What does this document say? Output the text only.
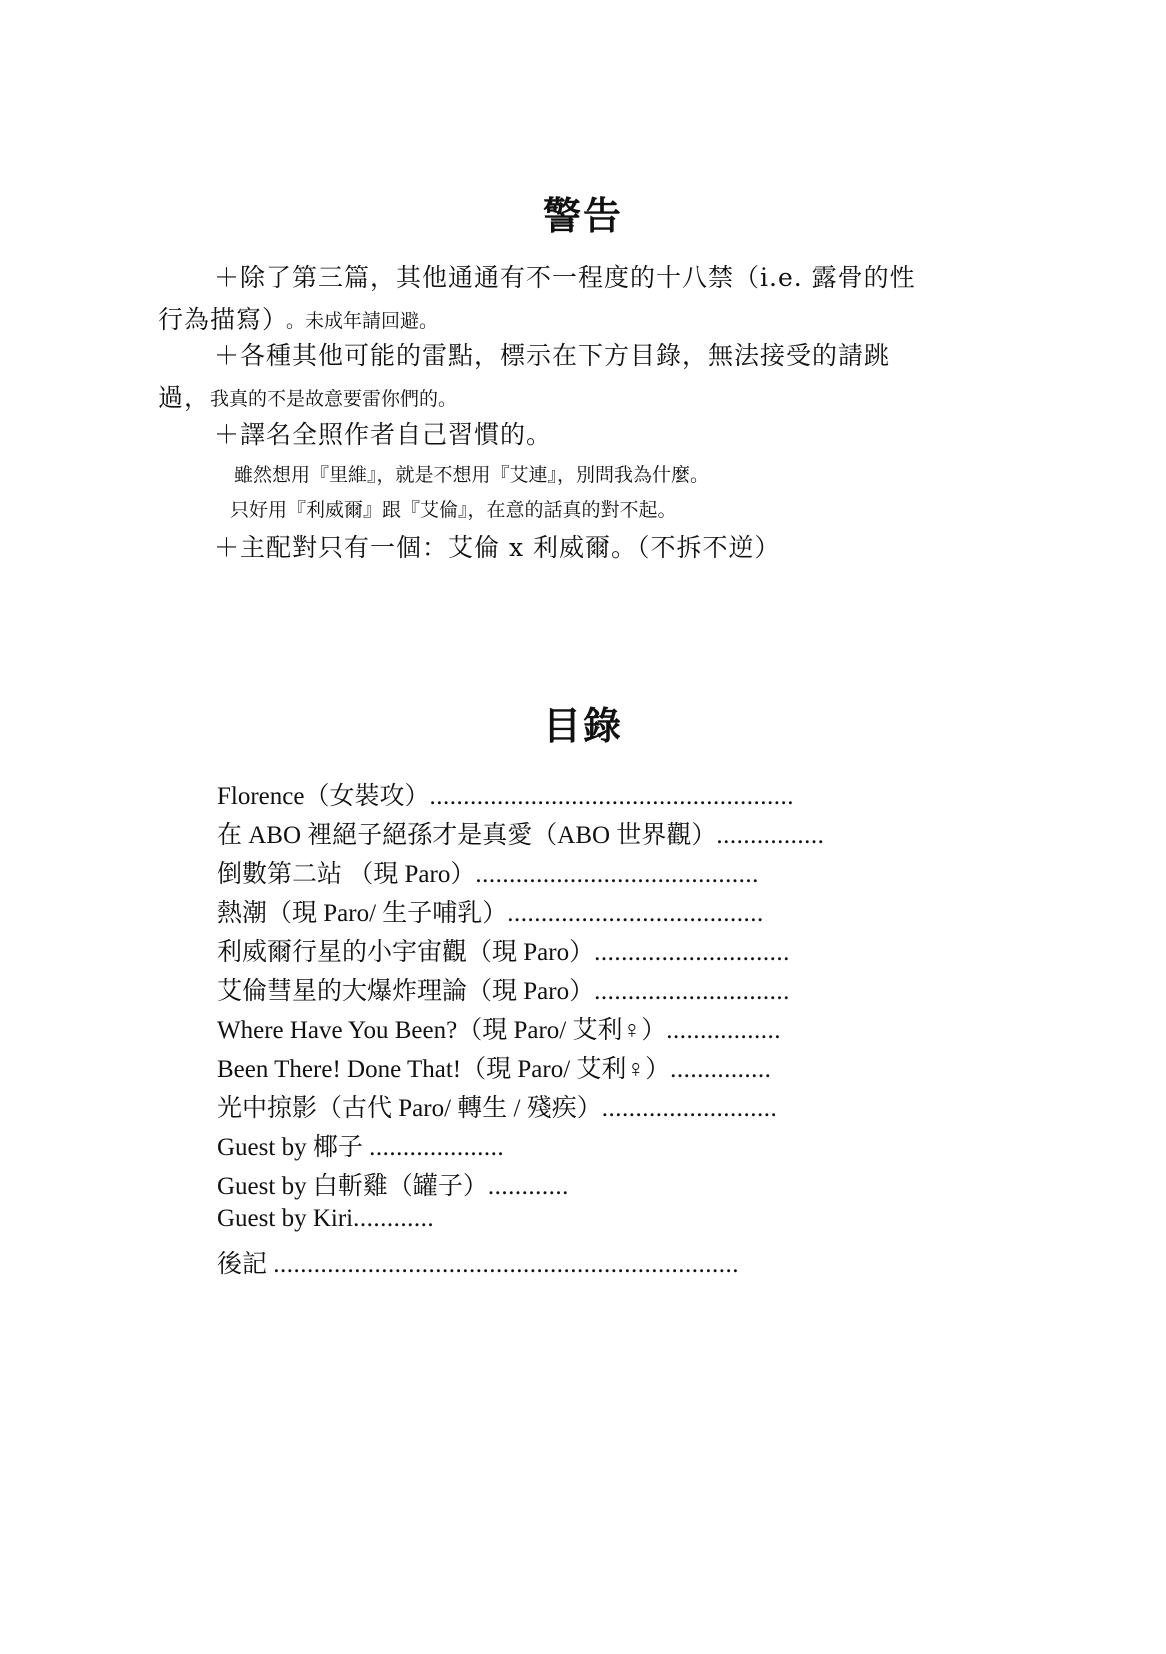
警告
＋除了第三篇，其他通通有不一程度的十八禁（i.e. 露骨的性
行為描寫）
。未成年請回避。
＋各種其他可能的雷點，標示在下方目錄，無法接受的請跳
過， 我真的不是故意要雷你們的。
＋譯名全照作者自己習慣的。
雖然想用『里維』，就是不想用『艾連』，別問我為什麼。
只好用『利威爾』跟『艾倫』，在意的話真的對不起。
＋主配對只有一個：艾倫 x 利威爾。（不拆不逆）
目錄
Florence（女裝攻）......................................................
在 ABO 裡絕子絕孫才是真愛（ABO 世界觀）................
倒數第二站 （現 Paro）..........................................
熱潮（現 Paro/ 生子哺乳）......................................
利威爾行星的小宇宙觀（現 Paro）.............................
艾倫彗星的大爆炸理論（現 Paro）.............................
Where Have You Been?（現 Paro/ 艾利♀）.................
Been There! Done That!（現 Paro/ 艾利♀）...............
光中掠影（古代 Paro/ 轉生 / 殘疾）..........................
Guest by 椰子 ....................
Guest by 白斬雞（罐子）............
Guest by Kiri............
後記 .....................................................................
